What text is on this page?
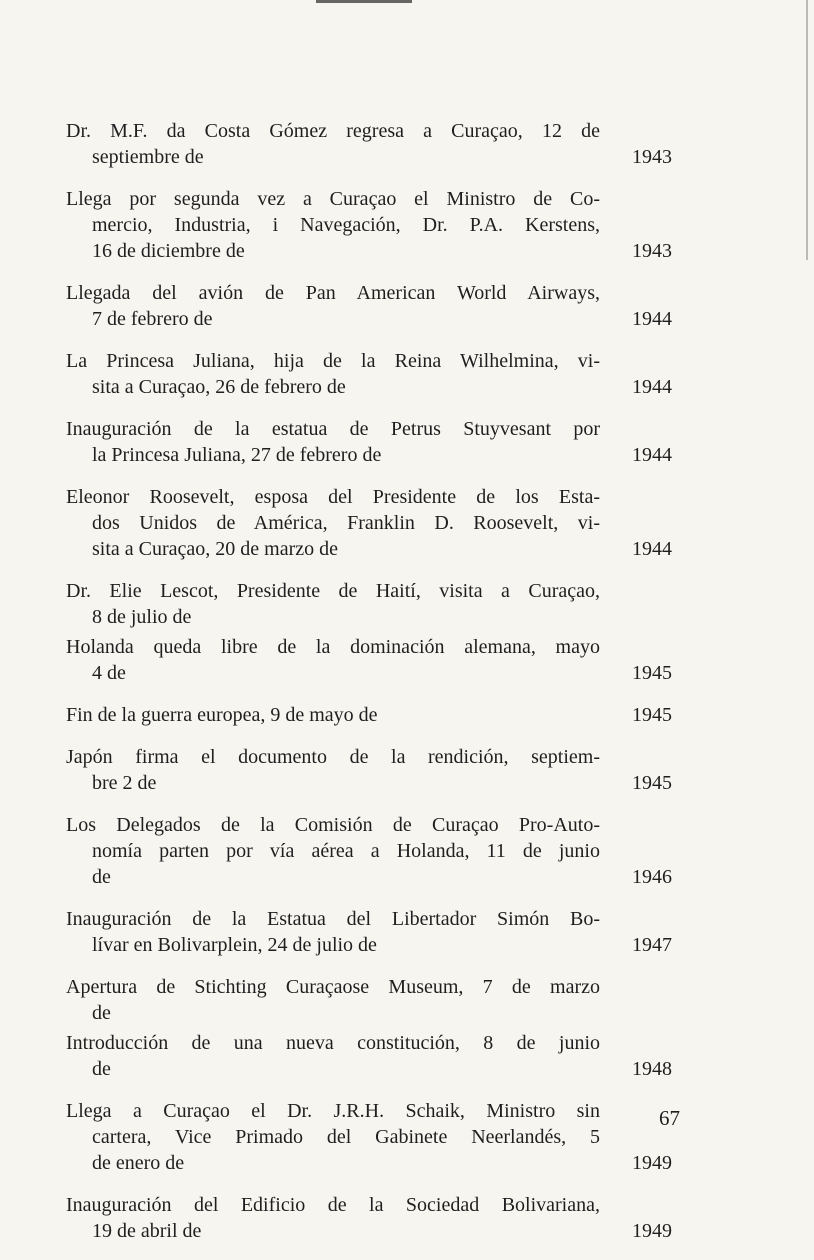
Dr. M.F. da Costa Gómez regresa a Curaçao, 12 de
septiembre de	1943
Llega por segunda vez a Curaçao el Ministro de Co-
mercio, Industria, i Navegación, Dr. P.A. Kerstens,
16 de diciembre de	1943
Llegada del avión de Pan American World Airways,
7 de febrero de	1944
La Princesa Juliana, hija de la Reina Wilhelmina, vi-
sita a Curaçao, 26 de febrero de	1944
Inauguración de la estatua de Petrus Stuyvesant por
la Princesa Juliana, 27 de febrero de	1944
Eleonor Roosevelt, esposa del Presidente de los Esta-
dos Unidos de América, Franklin D. Roosevelt, vi-
sita a Curaçao, 20 de marzo de	1944
Dr. Elie Lescot, Presidente de Haití, visita a Curaçao,
8 de julio de
Holanda queda libre de la dominación alemana, mayo
4 de	1945
Fin de la guerra europea, 9 de mayo de	1945
Japón firma el documento de la rendición, septiem-
bre 2 de	1945
Los Delegados de la Comisión de Curaçao Pro-Auto-
nomía parten por vía aérea a Holanda, 11 de junio
de	1946
Inauguración de la Estatua del Libertador Simón Bo-
lívar en Bolivarplein, 24 de julio de	1947
Apertura de Stichting Curaçaose Museum, 7 de marzo
de
Introducción de una nueva constitución, 8 de junio
de	1948
Llega a Curaçao el Dr. J.R.H. Schaik, Ministro sin
cartera, Vice Primado del Gabinete Neerlandés, 5
de enero de	1949
Inauguración del Edificio de la Sociedad Bolivariana,
19 de abril de	1949
67
